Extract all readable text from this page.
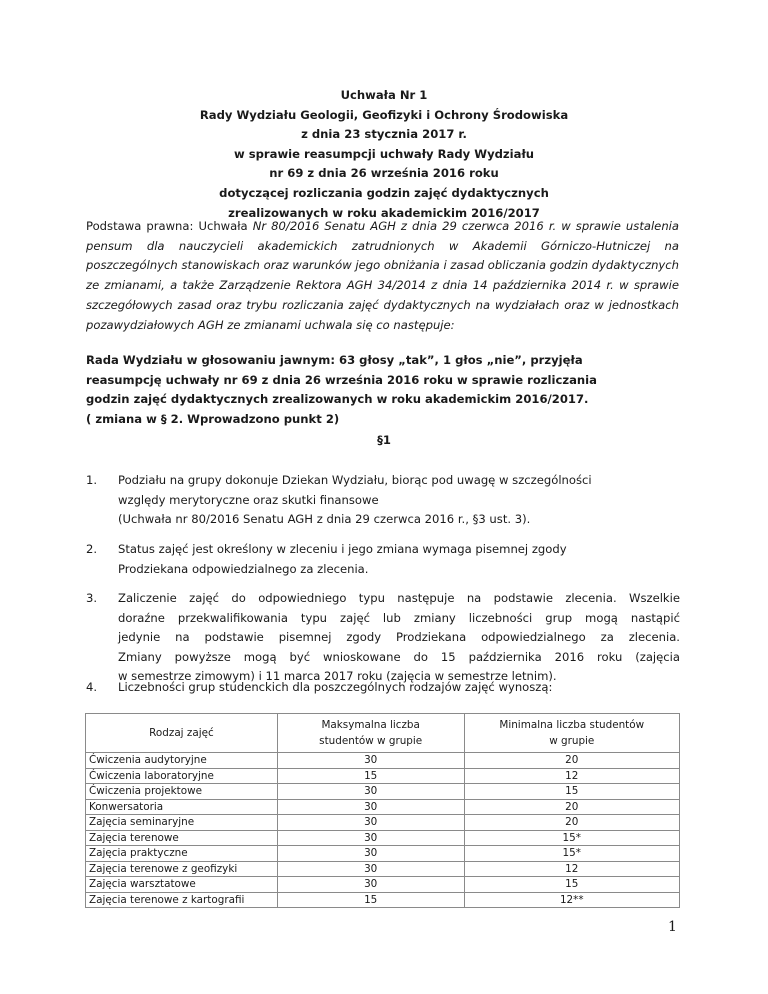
Uchwała Nr 1
Rady Wydziału Geologii, Geofizyki i Ochrony Środowiska
z dnia 23 stycznia 2017 r.
w sprawie reasumpcji uchwały Rady Wydziału
nr 69 z dnia 26 września 2016 roku
dotyczącej rozliczania godzin zajęć dydaktycznych
zrealizowanych w roku akademickim 2016/2017
Podstawa prawna: Uchwała Nr 80/2016 Senatu AGH z dnia 29 czerwca 2016 r. w sprawie ustalenia pensum dla nauczycieli akademickich zatrudnionych w Akademii Górniczo-Hutniczej na poszczególnych stanowiskach oraz warunków jego obniżania i zasad obliczania godzin dydaktycznych ze zmianami, a także Zarządzenie Rektora AGH 34/2014 z dnia 14 października 2014 r. w sprawie szczegółowych zasad oraz trybu rozliczania zajęć dydaktycznych na wydziałach oraz w jednostkach pozawydziałowych AGH ze zmianami uchwala się co następuje:
Rada Wydziału w głosowaniu jawnym: 63 głosy „tak”, 1 głos „nie”, przyjęła
reasumpcję uchwały nr 69 z dnia 26 września 2016 roku w sprawie rozliczania
godzin zajęć dydaktycznych zrealizowanych w roku akademickim 2016/2017.
( zmiana w § 2. Wprowadzono punkt 2)
§1
1. Podziału na grupy dokonuje Dziekan Wydziału, biorąc pod uwagę w szczególności
względy merytoryczne oraz skutki finansowe
(Uchwała nr 80/2016 Senatu AGH z dnia 29 czerwca 2016 r., §3 ust. 3).
2. Status zajęć jest określony w zleceniu i jego zmiana wymaga pisemnej zgody
Prodziekana odpowiedzialnego za zlecenia.
3. Zaliczenie zajęć do odpowiedniego typu następuje na podstawie zlecenia. Wszelkie
doraźne przekwalifikowania typu zajęć lub zmiany liczebności grup mogą nastąpić
jedynie na podstawie pisemnej zgody Prodziekana odpowiedzialnego za zlecenia.
Zmiany powyższe mogą być wnioskowane do 15 października 2016 roku (zajęcia
w semestrze zimowym) i 11 marca 2017 roku (zajęcia w semestrze letnim).
4. Liczebności grup studenckich dla poszczególnych rodzajów zajęć wynoszą:
Rodzaj zajęć	Maksymalna liczba studentów w grupie	Minimalna liczba studentów w grupie
Ćwiczenia audytoryjne	30	20
Ćwiczenia laboratoryjne	15	12
Ćwiczenia projektowe	30	15
Konwersatoria	30	20
Zajęcia seminaryjne	30	20
Zajęcia terenowe	30	15*
Zajęcia praktyczne	30	15*
Zajęcia terenowe z geofizyki	30	12
Zajęcia warsztatowe	30	15
Zajęcia terenowe z kartografii	15	12**
1
